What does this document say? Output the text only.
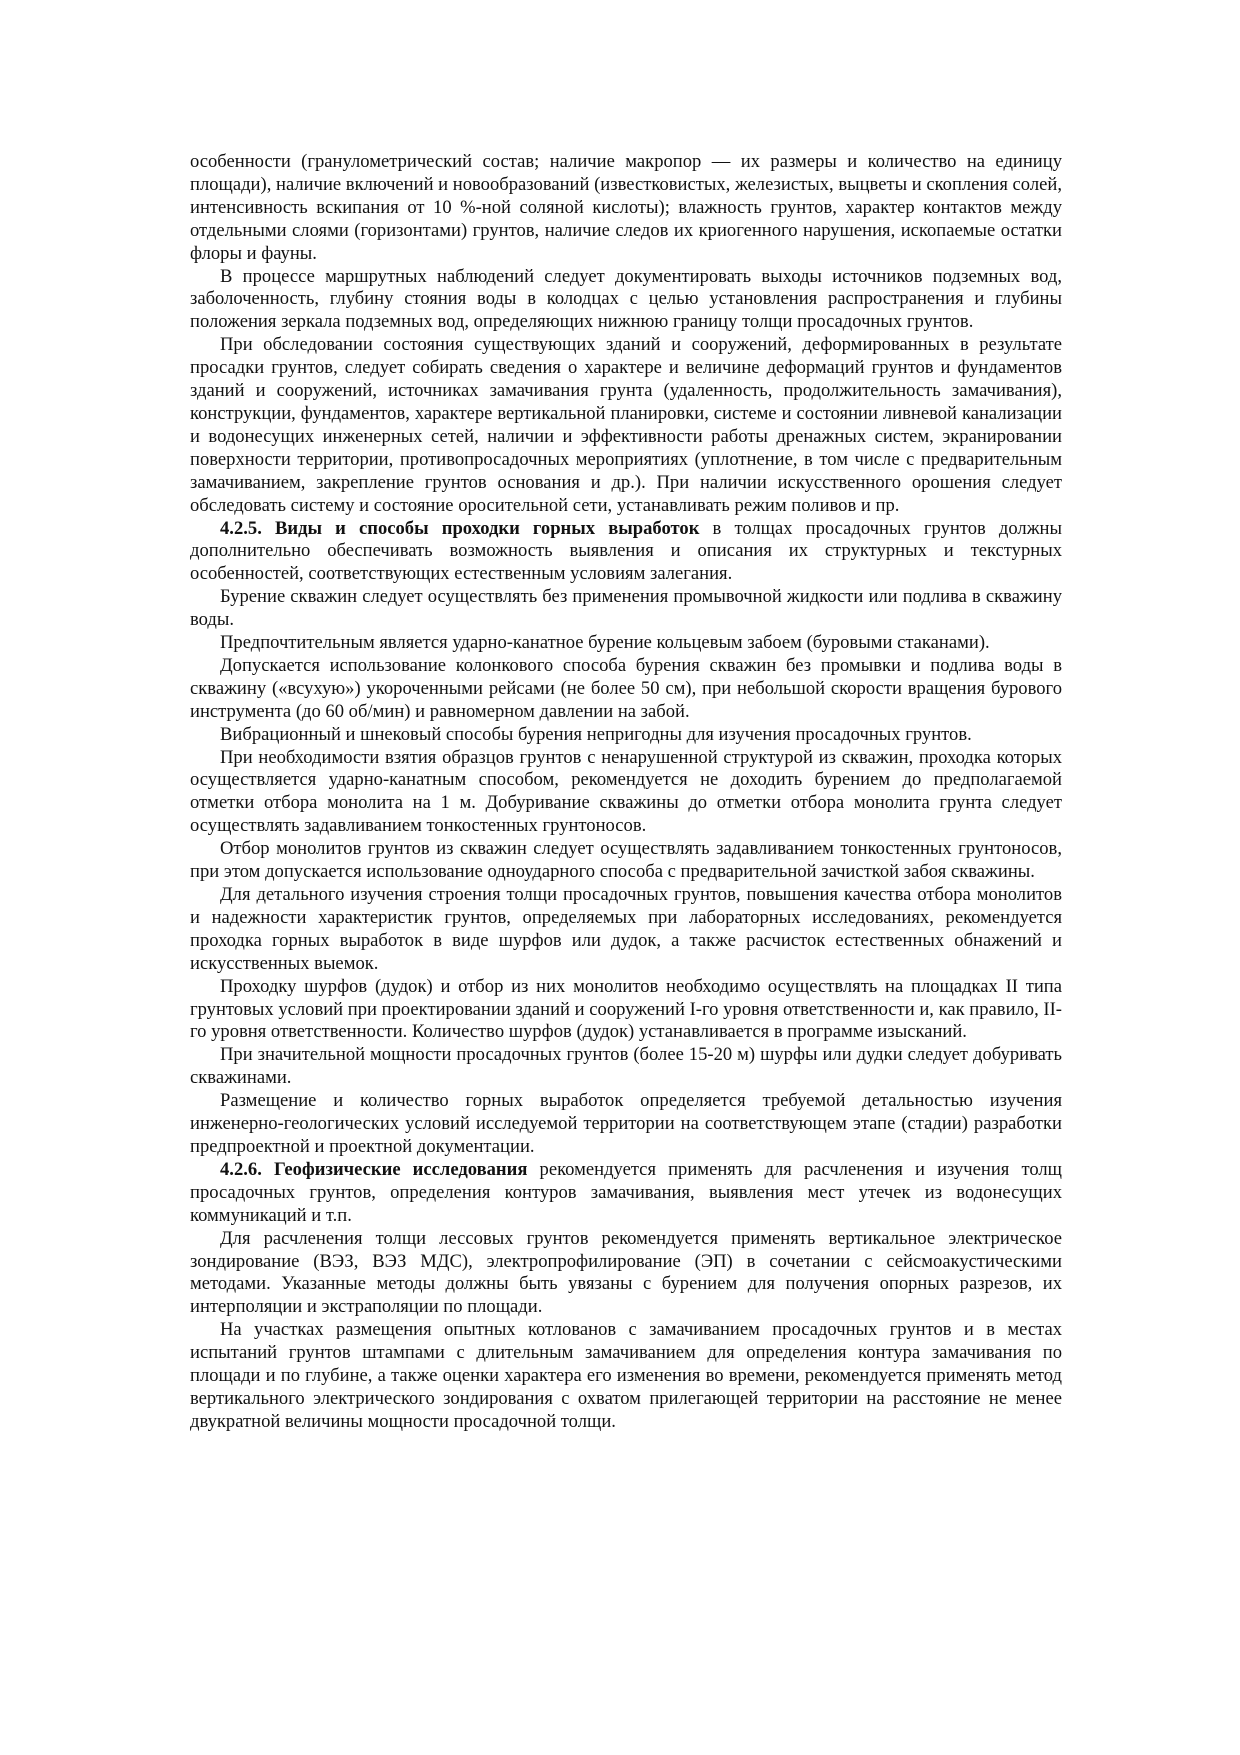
особенности (гранулометрический состав; наличие макропор — их размеры и количество на единицу площади), наличие включений и новообразований (известковистых, железистых, выцветы и скопления солей, интенсивность вскипания от 10 %-ной соляной кислоты); влажность грунтов, характер контактов между отдельными слоями (горизонтами) грунтов, наличие следов их криогенного нарушения, ископаемые остатки флоры и фауны.

В процессе маршрутных наблюдений следует документировать выходы источников подземных вод, заболоченность, глубину стояния воды в колодцах с целью установления распространения и глубины положения зеркала подземных вод, определяющих нижнюю границу толщи просадочных грунтов.

При обследовании состояния существующих зданий и сооружений, деформированных в результате просадки грунтов, следует собирать сведения о характере и величине деформаций грунтов и фундаментов зданий и сооружений, источниках замачивания грунта (удаленность, продолжительность замачивания), конструкции, фундаментов, характере вертикальной планировки, системе и состоянии ливневой канализации и водонесущих инженерных сетей, наличии и эффективности работы дренажных систем, экранировании поверхности территории, противопросадочных мероприятиях (уплотнение, в том числе с предварительным замачиванием, закрепление грунтов основания и др.). При наличии искусственного орошения следует обследовать систему и состояние оросительной сети, устанавливать режим поливов и пр.

4.2.5. Виды и способы проходки горных выработок в толщах просадочных грунтов должны дополнительно обеспечивать возможность выявления и описания их структурных и текстурных особенностей, соответствующих естественным условиям залегания.

Бурение скважин следует осуществлять без применения промывочной жидкости или подлива в скважину воды.

Предпочтительным является ударно-канатное бурение кольцевым забоем (буровыми стаканами).

Допускается использование колонкового способа бурения скважин без промывки и подлива воды в скважину («всухую») укороченными рейсами (не более 50 см), при небольшой скорости вращения бурового инструмента (до 60 об/мин) и равномерном давлении на забой.

Вибрационный и шнековый способы бурения непригодны для изучения просадочных грунтов.

При необходимости взятия образцов грунтов с ненарушенной структурой из скважин, проходка которых осуществляется ударно-канатным способом, рекомендуется не доходить бурением до предполагаемой отметки отбора монолита на 1 м. Добуривание скважины до отметки отбора монолита грунта следует осуществлять задавливанием тонкостенных грунтоносов.

Отбор монолитов грунтов из скважин следует осуществлять задавливанием тонкостенных грунтоносов, при этом допускается использование одноударного способа с предварительной зачисткой забоя скважины.

Для детального изучения строения толщи просадочных грунтов, повышения качества отбора монолитов и надежности характеристик грунтов, определяемых при лабораторных исследованиях, рекомендуется проходка горных выработок в виде шурфов или дудок, а также расчисток естественных обнажений и искусственных выемок.

Проходку шурфов (дудок) и отбор из них монолитов необходимо осуществлять на площадках II типа грунтовых условий при проектировании зданий и сооружений I-го уровня ответственности и, как правило, II-го уровня ответственности. Количество шурфов (дудок) устанавливается в программе изысканий.

При значительной мощности просадочных грунтов (более 15-20 м) шурфы или дудки следует добуривать скважинами.

Размещение и количество горных выработок определяется требуемой детальностью изучения инженерно-геологических условий исследуемой территории на соответствующем этапе (стадии) разработки предпроектной и проектной документации.

4.2.6. Геофизические исследования рекомендуется применять для расчленения и изучения толщ просадочных грунтов, определения контуров замачивания, выявления мест утечек из водонесущих коммуникаций и т.п.

Для расчленения толщи лессовых грунтов рекомендуется применять вертикальное электрическое зондирование (ВЭЗ, ВЭЗ МДС), электропрофилирование (ЭП) в сочетании с сейсмоакустическими методами. Указанные методы должны быть увязаны с бурением для получения опорных разрезов, их интерполяции и экстраполяции по площади.

На участках размещения опытных котлованов с замачиванием просадочных грунтов и в местах испытаний грунтов штампами с длительным замачиванием для определения контура замачивания по площади и по глубине, а также оценки характера его изменения во времени, рекомендуется применять метод вертикального электрического зондирования с охватом прилегающей территории на расстояние не менее двукратной величины мощности просадочной толщи.
